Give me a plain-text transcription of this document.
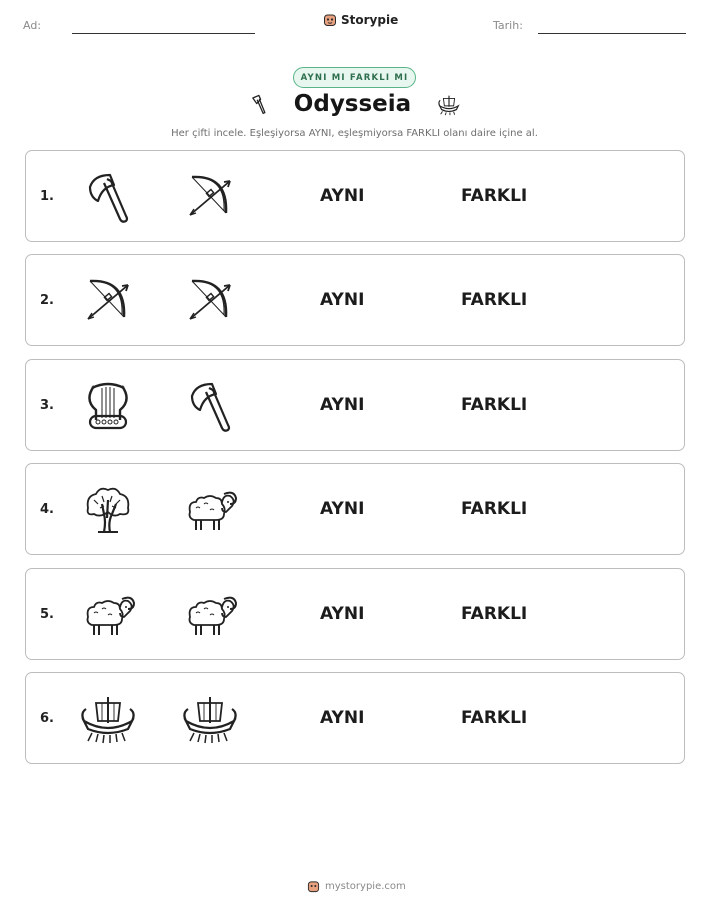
Ad:	Storypie	Tarih:
AYNI MI FARKLI MI
Odysseia
Her çifti incele. Eşleşiyorsa AYNI, eşleşmiyorsa FARKLI olanı daire içine al.
1.	AYNI	FARKLI
2.	AYNI	FARKLI
3.	AYNI	FARKLI
4.	AYNI	FARKLI
5.	AYNI	FARKLI
6.	AYNI	FARKLI
mystorypie.com
